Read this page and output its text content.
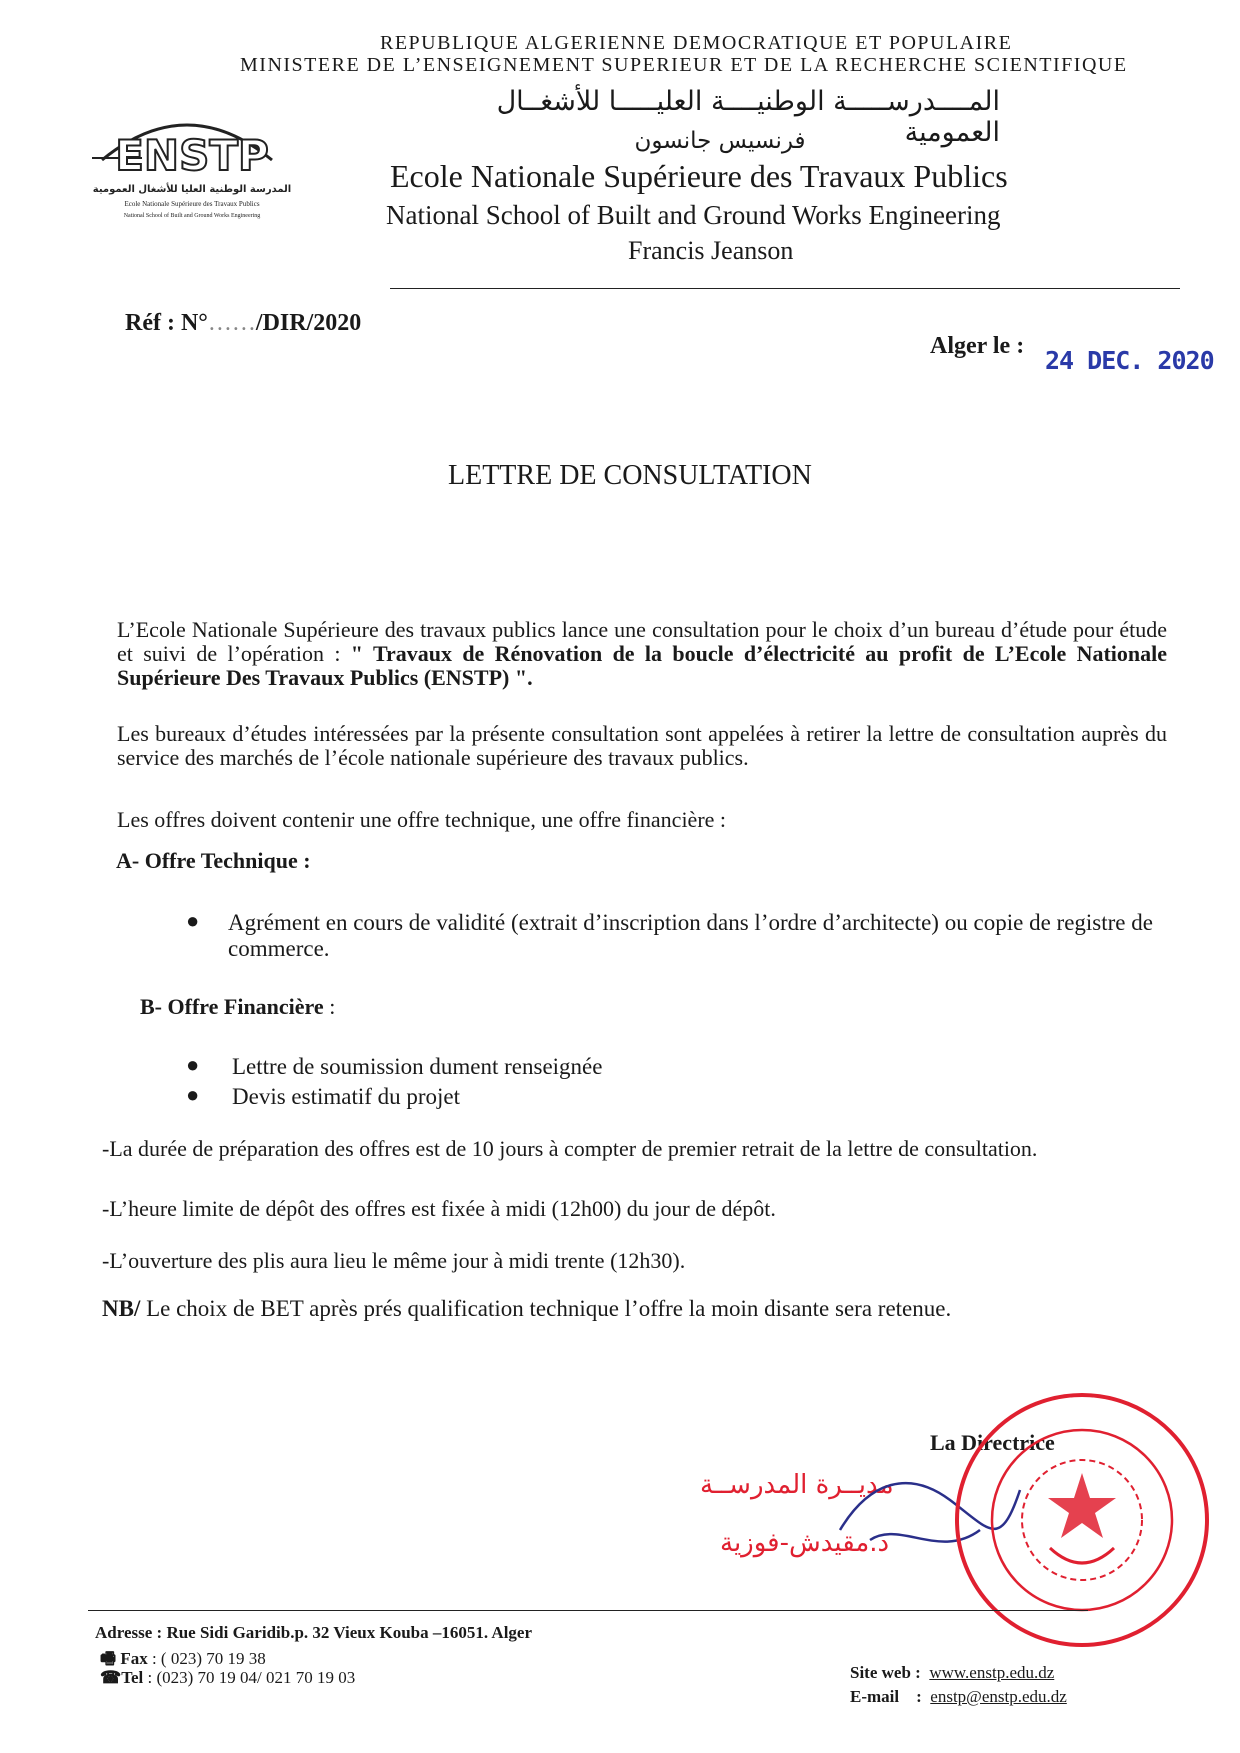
REPUBLIQUE ALGERIENNE DEMOCRATIQUE ET POPULAIRE
MINISTERE DE L’ENSEIGNEMENT SUPERIEUR ET DE LA RECHERCHE SCIENTIFIQUE
المــــدرســـــة الوطنيــــة العليـــــا للأشغــال العمومية
فرنسيس جانسون
Ecole Nationale Supérieure des Travaux Publics
National School of Built and Ground Works Engineering
Francis Jeanson
ENSTP
المدرسة الوطنية العليا للأشغال العمومية
Ecole Nationale Supérieure des Travaux Publics
National School of Built and Ground Works Engineering
Réf : N°……/DIR/2020
Alger le : 24 DEC. 2020
LETTRE DE CONSULTATION
L’Ecole Nationale Supérieure des travaux publics lance une consultation pour le choix d’un bureau d’étude pour étude et suivi de l’opération : " Travaux de Rénovation de la boucle d’électricité au profit de L’Ecole Nationale Supérieure Des Travaux Publics (ENSTP) ".
Les bureaux d’études intéressées par la présente consultation sont appelées à retirer la lettre de consultation auprès du service des marchés de l’école nationale supérieure des travaux publics.
Les offres doivent contenir une offre technique, une offre financière :
A- Offre Technique :
● Agrément en cours de validité (extrait d’inscription dans l’ordre d’architecte) ou copie de registre de commerce.
B- Offre Financière :
● Lettre de soumission dument renseignée
● Devis estimatif du projet
-La durée de préparation des offres est de 10 jours à compter de premier retrait de la lettre de consultation.
-L’heure limite de dépôt des offres est fixée à midi (12h00) du jour de dépôt.
-L’ouverture des plis aura lieu le même jour à midi trente (12h30).
NB/ Le choix de BET après prés qualification technique l’offre la moin disante sera retenue.
La Directrice
مديــرة المدرســة
د.مقيدش-فوزية
Adresse : Rue Sidi Garidib.p. 32 Vieux Kouba –16051. Alger
🖷 Fax : ( 023) 70 19 38
☎Tel : (023) 70 19 04/ 021 70 19 03	Site web : www.enstp.edu.dz
E-mail    :  enstp@enstp.edu.dz
